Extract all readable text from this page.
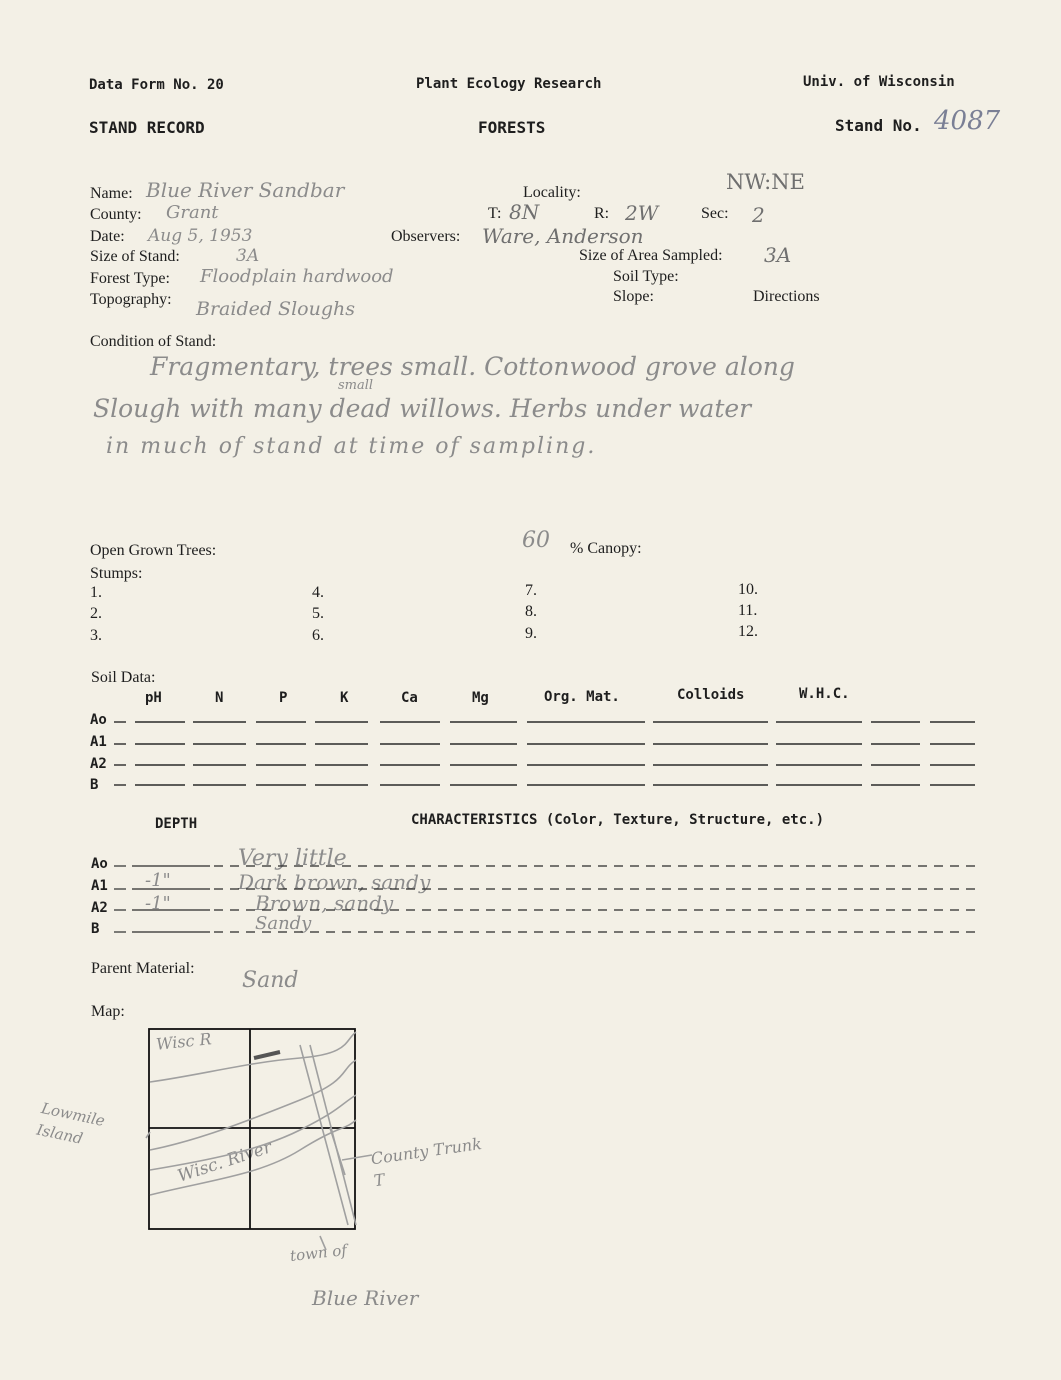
Data Form No. 20	Plant Ecology Research	Univ. of Wisconsin
STAND RECORD	FORESTS	Stand No. 4087
Name: Blue River Sandbar
County: Grant
Date: Aug 5, 1953
Size of Stand:	3A
Forest Type: Floodplain hardwood
Topography: Braided Sloughs
Locality:	NW:NE
T: 8N	R: 2W	Sec: 2
Observers: Ware, Anderson
Size of Area Sampled: 3A
Soil Type:
Slope:	Directions
Condition of Stand:
Fragmentary, trees small. Cottonwood grove along
small
Slough with many dead willows. Herbs under water
in much of stand at time of sampling.
Open Grown Trees:	60 % Canopy:
Stumps:
1.
2.
3.
4.
5.
6.
7.
8.
9.
10.
11.
12.
Soil Data:
pH	N	P	K	Ca	Mg	Org. Mat.	Colloids	W.H.C.
Ao
A1
A2
B
DEPTH	CHARACTERISTICS (Color, Texture, Structure, etc.)
Ao	Very little
A1 -1"	Dark brown, sandy
A2 -1"	Brown, sandy
B	Sandy
Parent Material: Sand
Map:
Wisc R
Wisc. River
Lowmile Island	County Trunk T
town of
Blue River
